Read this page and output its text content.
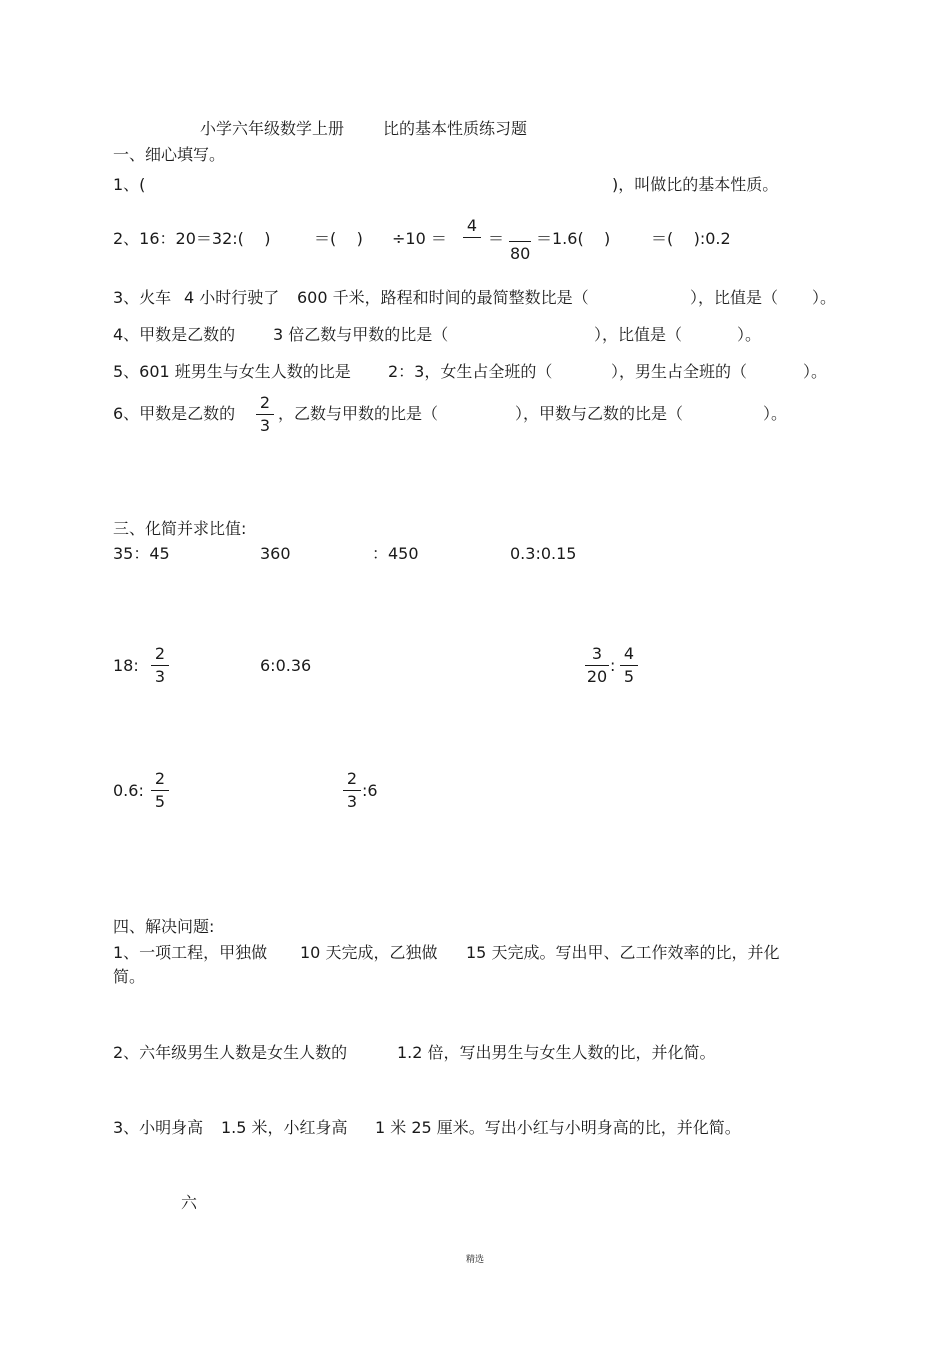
小学六年级数学上册 比的基本性质练习题
一、细心填写。
1、(	)，叫做比的基本性质。
2、16：20＝32:(    )	＝(    ) ÷10 ＝
4

＝
80
＝1.6(    )	＝(    ):0.2
3、火车 4 小时行驶了 600 千米，路程和时间的最简整数比是（	），比值是（ ）。
4、甲数是乙数的 3 倍乙数与甲数的比是（	），比值是（	）。
5、601 班男生与女生人数的比是 2：3，女生占全班的（	），男生占全班的（	）。
6、甲数是乙数的
2
3
，乙数与甲数的比是（	），甲数与乙数的比是（	）。
三、化简并求比值:
35：45	360	：450	0.3:0.15
18:
2
3
6:0.36
3
20
:
4
5
0.6:
2
5
2
3
:6
四、解决问题:
1、一项工程，甲独做 10 天完成，乙独做 15 天完成。写出甲、乙工作效率的比，并化
简。
2、六年级男生人数是女生人数的	1.2 倍，写出男生与女生人数的比，并化简。
3、小明身高 1.5 米，小红身高 1 米 25 厘米。写出小红与小明身高的比，并化简。
六
精选
